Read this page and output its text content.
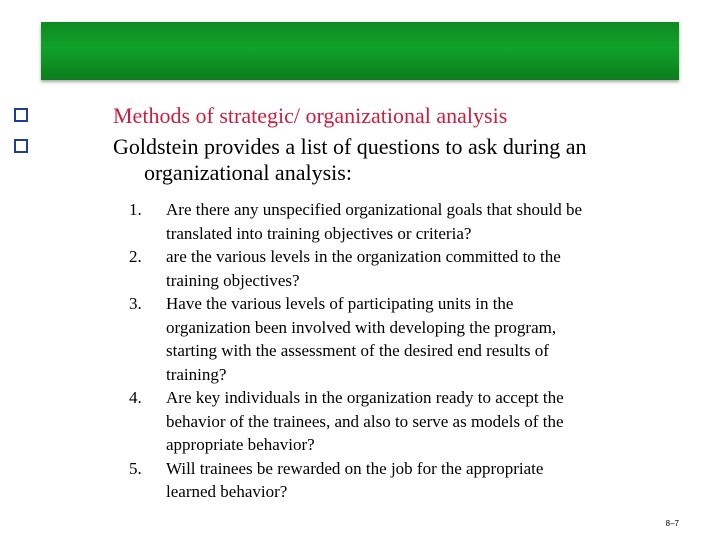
Methods of strategic/ organizational analysis
Goldstein provides a list of questions to ask during an
organizational analysis:
1. Are there any unspecified organizational goals that should be
translated into training objectives or criteria?
2. are the various levels in the organization committed to the
training objectives?
3. Have the various levels of participating units in the
organization been involved with developing the program,
starting with the assessment of the desired end results of
training?
4. Are key individuals in the organization ready to accept the
behavior of the trainees, and also to serve as models of the
appropriate behavior?
5. Will trainees be rewarded on the job for the appropriate
learned behavior?
8–7
